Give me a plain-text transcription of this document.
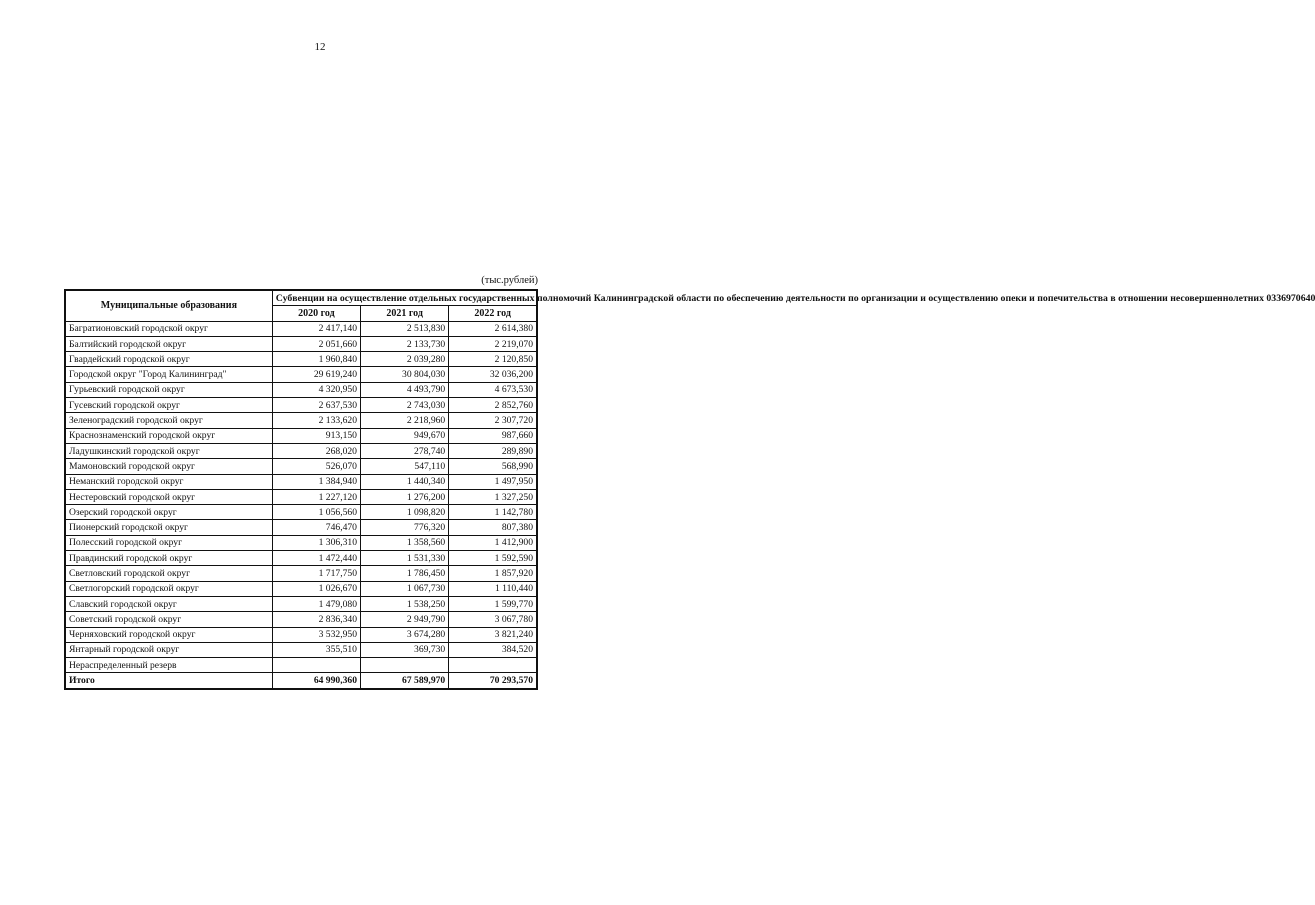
12
(тыс.рублей)
Муниципальные образования	Субвенции на осуществление отдельных государственных полномочий Калининградской области по обеспечению деятельности по организации и осуществлению опеки и попечительства в отношении несовершеннолетних 0336970640		
	2020 год	2021 год	2022 год
Багратионовский городской округ	2 417,140	2 513,830	2 614,380
Балтийский городской округ	2 051,660	2 133,730	2 219,070
Гвардейский городской округ	1 960,840	2 039,280	2 120,850
Городской округ "Город Калининград"	29 619,240	30 804,030	32 036,200
Гурьевский городской округ	4 320,950	4 493,790	4 673,530
Гусевский городской округ	2 637,530	2 743,030	2 852,760
Зеленоградский городской округ	2 133,620	2 218,960	2 307,720
Краснознаменский городской округ	913,150	949,670	987,660
Ладушкинский городской округ	268,020	278,740	289,890
Мамоновский городской округ	526,070	547,110	568,990
Неманский городской округ	1 384,940	1 440,340	1 497,950
Нестеровский городской округ	1 227,120	1 276,200	1 327,250
Озерский городской округ	1 056,560	1 098,820	1 142,780
Пионерский городской округ	746,470	776,320	807,380
Полесский городской округ	1 306,310	1 358,560	1 412,900
Правдинский городской округ	1 472,440	1 531,330	1 592,590
Светловский городской округ	1 717,750	1 786,450	1 857,920
Светлогорский городской округ	1 026,670	1 067,730	1 110,440
Славский городской округ	1 479,080	1 538,250	1 599,770
Советский городской округ	2 836,340	2 949,790	3 067,780
Черняховский городской округ	3 532,950	3 674,280	3 821,240
Янтарный городской округ	355,510	369,730	384,520
Нераспределенный резерв			
Итого	64 990,360	67 589,970	70 293,570
